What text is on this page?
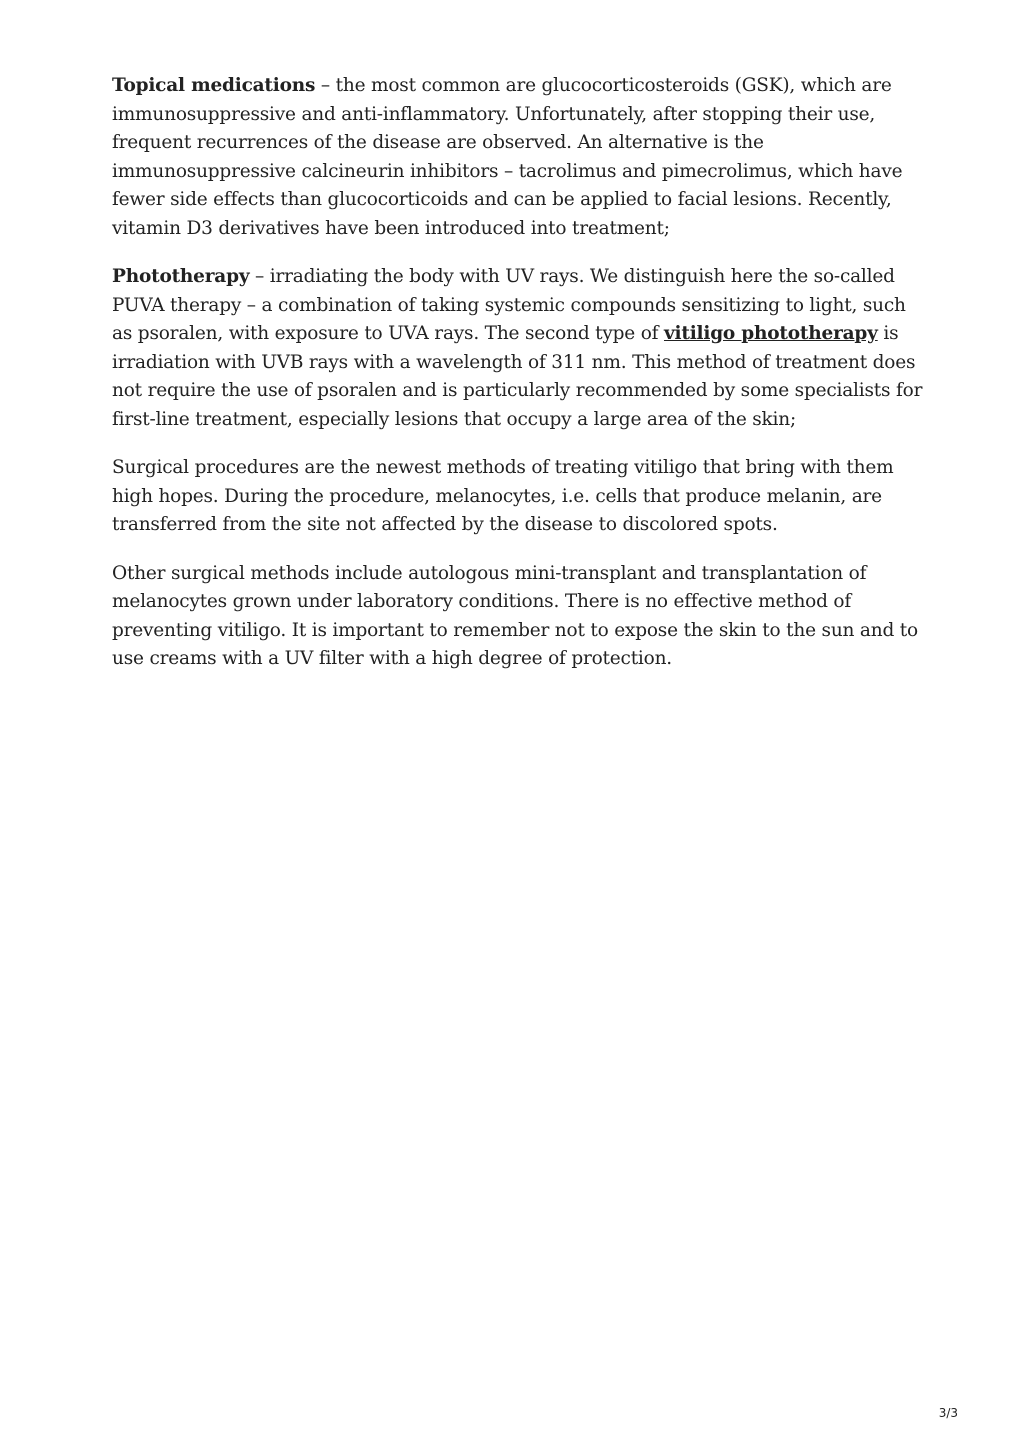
Topical medications – the most common are glucocorticosteroids (GSK), which are immunosuppressive and anti-inflammatory. Unfortunately, after stopping their use, frequent recurrences of the disease are observed. An alternative is the immunosuppressive calcineurin inhibitors – tacrolimus and pimecrolimus, which have fewer side effects than glucocorticoids and can be applied to facial lesions. Recently, vitamin D3 derivatives have been introduced into treatment;

Phototherapy – irradiating the body with UV rays. We distinguish here the so-called PUVA therapy – a combination of taking systemic compounds sensitizing to light, such as psoralen, with exposure to UVA rays. The second type of vitiligo phototherapy is irradiation with UVB rays with a wavelength of 311 nm. This method of treatment does not require the use of psoralen and is particularly recommended by some specialists for first-line treatment, especially lesions that occupy a large area of the skin;

Surgical procedures are the newest methods of treating vitiligo that bring with them high hopes. During the procedure, melanocytes, i.e. cells that produce melanin, are transferred from the site not affected by the disease to discolored spots.

Other surgical methods include autologous mini-transplant and transplantation of melanocytes grown under laboratory conditions. There is no effective method of preventing vitiligo. It is important to remember not to expose the skin to the sun and to use creams with a UV filter with a high degree of protection.

3/3
